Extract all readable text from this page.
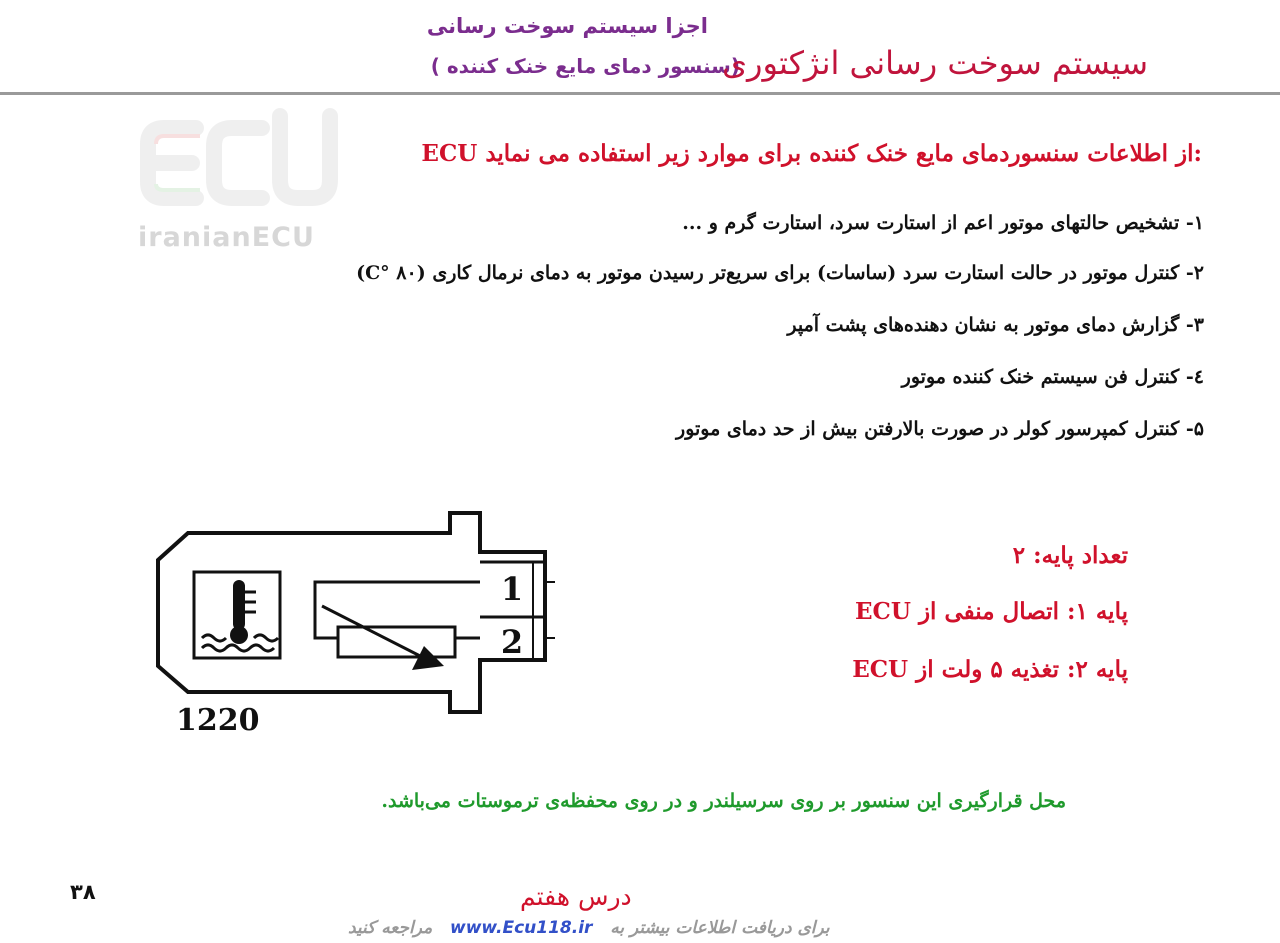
اجزا سیستم سوخت رسانی
(سنسور دمای مایع خنک کننده )
سیستم سوخت رسانی انژکتوری
iranianECU
ECU از اطلاعات سنسوردمای مایع خنک کننده برای موارد زیر استفاده می نماید:
۱- تشخیص حالتهای موتور اعم از استارت سرد، استارت گرم و ...
۲- کنترل موتور در حالت استارت سرد (ساسات) برای سریع‌تر رسیدن موتور به دمای نرمال کاری (C° ۸۰)
۳- گزارش دمای موتور به نشان دهنده‌های پشت آمپر
٤- کنترل فن سیستم خنک کننده موتور
۵- کنترل کمپرسور کولر در صورت بالارفتن بیش از حد دمای موتور
1
2
1220
تعداد پایه: ۲
پایه ۱: اتصال منفی از ECU
پایه ۲: تغذیه ۵ ولت از ECU
محل قرارگیری این سنسور بر روی سرسیلندر و در روی محفظه‌ی ترموستات می‌باشد.
۳۸	درس هفتم
مراجعه کنید www.Ecu118.ir برای دریافت اطلاعات بیشتر به
